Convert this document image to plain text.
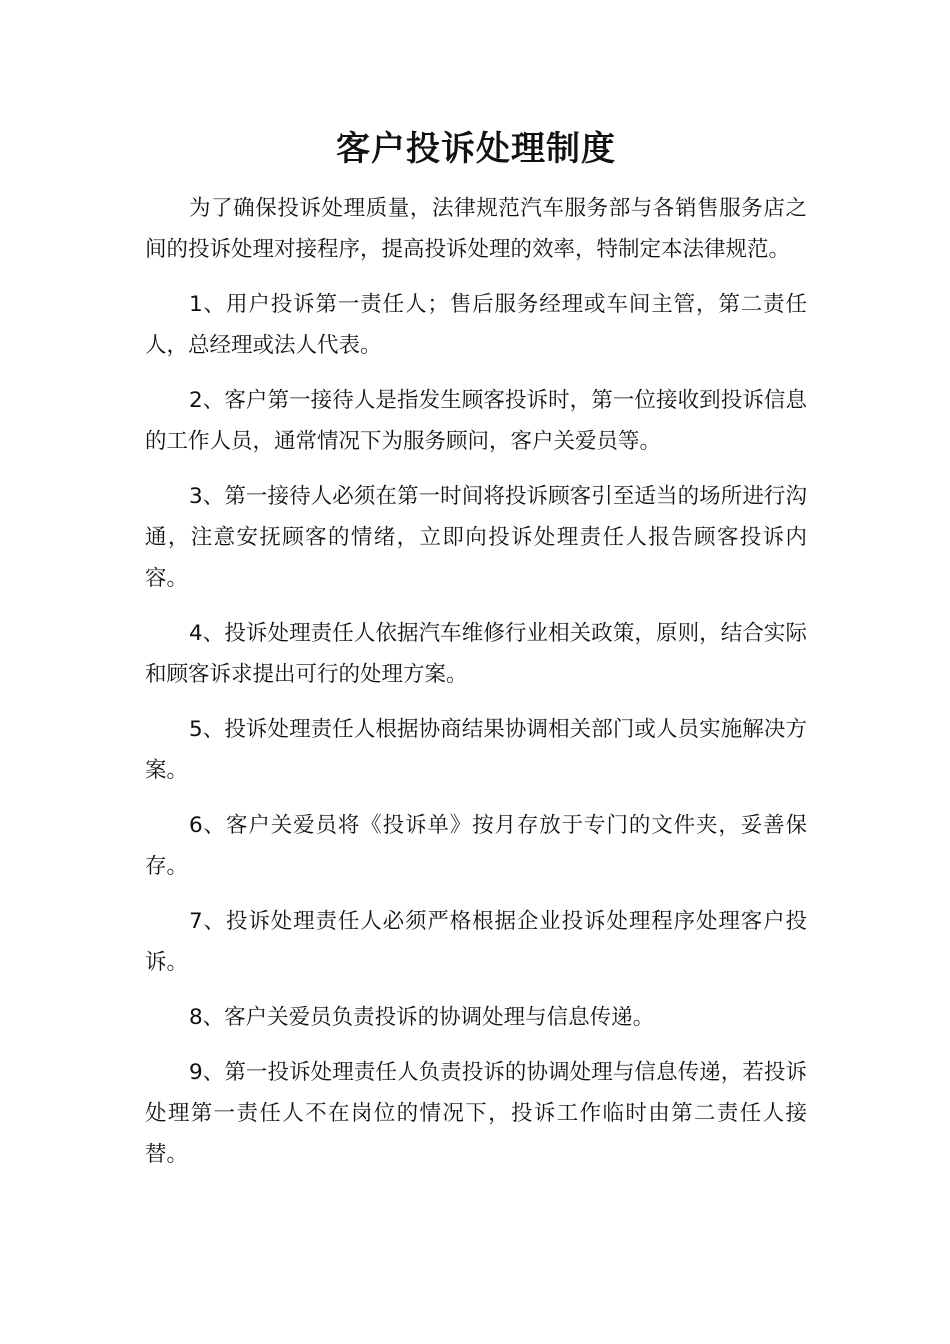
客户投诉处理制度

为了确保投诉处理质量，法律规范汽车服务部与各销售服务店之间的投诉处理对接程序，提高投诉处理的效率，特制定本法律规范。

1、用户投诉第一责任人；售后服务经理或车间主管，第二责任人，总经理或法人代表。

2、客户第一接待人是指发生顾客投诉时，第一位接收到投诉信息的工作人员，通常情况下为服务顾问，客户关爱员等。

3、第一接待人必须在第一时间将投诉顾客引至适当的场所进行沟通，注意安抚顾客的情绪，立即向投诉处理责任人报告顾客投诉内容。

4、投诉处理责任人依据汽车维修行业相关政策，原则，结合实际和顾客诉求提出可行的处理方案。

5、投诉处理责任人根据协商结果协调相关部门或人员实施解决方案。

6、客户关爱员将《投诉单》按月存放于专门的文件夹，妥善保存。

7、投诉处理责任人必须严格根据企业投诉处理程序处理客户投诉。

8、客户关爱员负责投诉的协调处理与信息传递。

9、第一投诉处理责任人负责投诉的协调处理与信息传递，若投诉处理第一责任人不在岗位的情况下，投诉工作临时由第二责任人接替。
